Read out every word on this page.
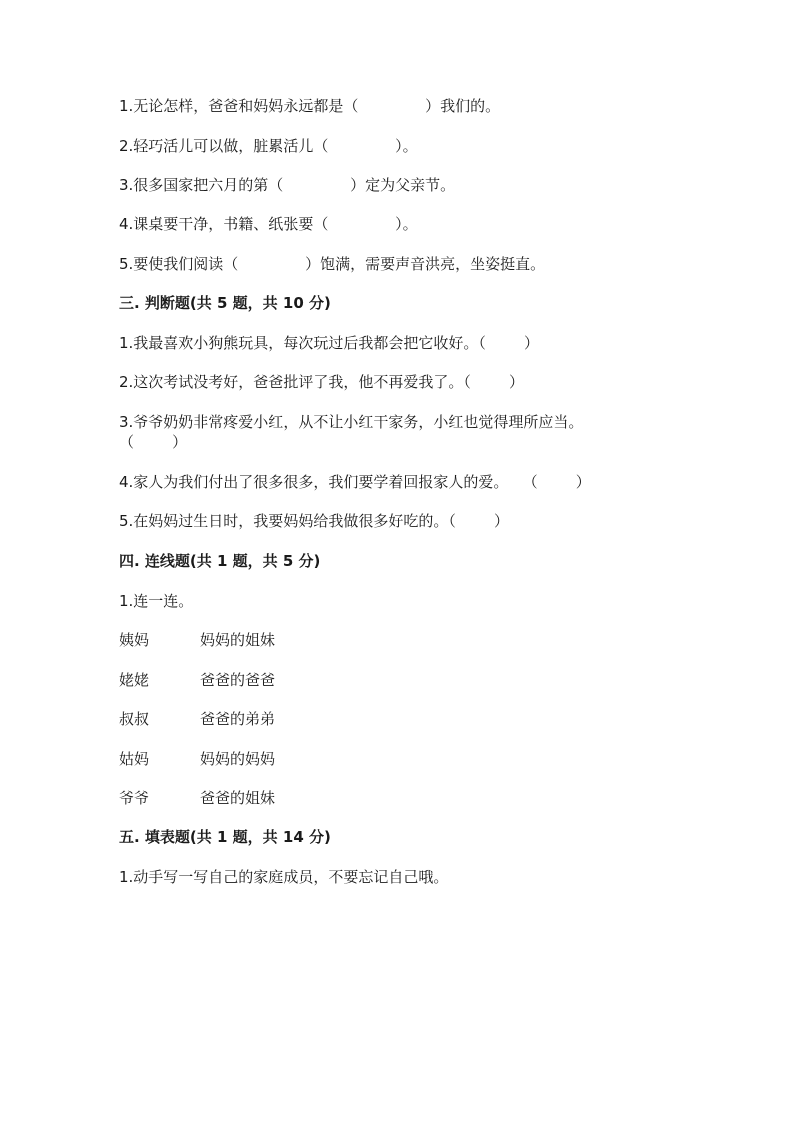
1.无论怎样，爸爸和妈妈永远都是（              ）我们的。
2.轻巧活儿可以做，脏累活儿（              ）。
3.很多国家把六月的第（              ）定为父亲节。
4.课桌要干净，书籍、纸张要（              ）。
5.要使我们阅读（              ）饱满，需要声音洪亮，坐姿挺直。
三. 判断题(共 5 题，共 10 分)
1.我最喜欢小狗熊玩具，每次玩过后我都会把它收好。（        ）
2.这次考试没考好，爸爸批评了我，他不再爱我了。（        ）
3.爷爷奶奶非常疼爱小红，从不让小红干家务，小红也觉得理所应当。
（        ）
4.家人为我们付出了很多很多，我们要学着回报家人的爱。   （        ）
5.在妈妈过生日时，我要妈妈给我做很多好吃的。（        ）
四. 连线题(共 1 题，共 5 分)
1.连一连。
姨妈	妈妈的姐妹
姥姥	爸爸的爸爸
叔叔	爸爸的弟弟
姑妈	妈妈的妈妈
爷爷	爸爸的姐妹
五. 填表题(共 1 题，共 14 分)
1.动手写一写自己的家庭成员，不要忘记自己哦。
